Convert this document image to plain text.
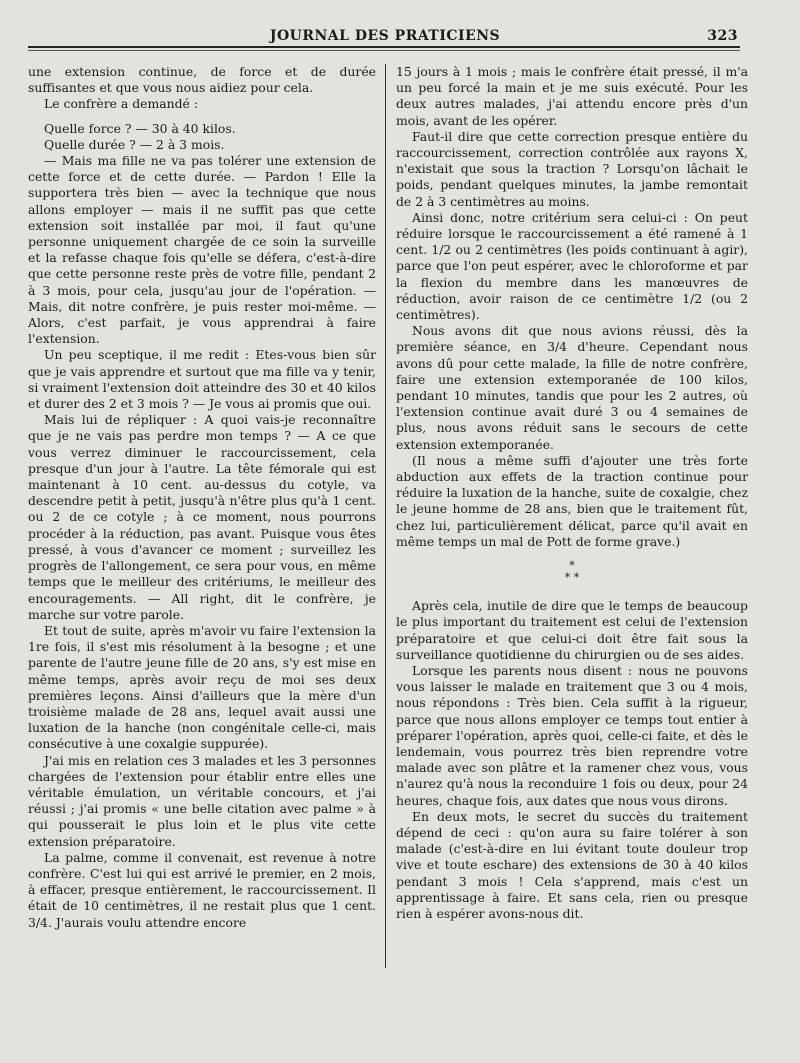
JOURNAL DES PRATICIENS	323

une extension continue, de force et de durée suffisantes et que vous nous aidiez pour cela.

Le confrère a demandé :

Quelle force ? — 30 à 40 kilos.

Quelle durée ? — 2 à 3 mois.

— Mais ma fille ne va pas tolérer une extension de cette force et de cette durée. — Pardon ! Elle la supportera très bien — avec la technique que nous allons employer — mais il ne suffit pas que cette extension soit installée par moi, il faut qu'une personne uniquement chargée de ce soin la surveille et la refasse chaque fois qu'elle se défera, c'est-à-dire que cette personne reste près de votre fille, pendant 2 à 3 mois, pour cela, jusqu'au jour de l'opération. — Mais, dit notre confrère, je puis rester moi-même. — Alors, c'est parfait, je vous apprendrai à faire l'extension.

Un peu sceptique, il me redit : Etes-vous bien sûr que je vais apprendre et surtout que ma fille va y tenir, si vraiment l'extension doit atteindre des 30 et 40 kilos et durer des 2 et 3 mois ? — Je vous ai promis que oui.

Mais lui de répliquer : A quoi vais-je reconnaître que je ne vais pas perdre mon temps ? — A ce que vous verrez diminuer le raccourcissement, cela presque d'un jour à l'autre. La tête fémorale qui est maintenant à 10 cent. au-dessus du cotyle, va descendre petit à petit, jusqu'à n'être plus qu'à 1 cent. ou 2 de ce cotyle ; à ce moment, nous pourrons procéder à la réduction, pas avant. Puisque vous êtes pressé, à vous d'avancer ce moment ; surveillez les progrès de l'allongement, ce sera pour vous, en même temps que le meilleur des critériums, le meilleur des encouragements. — All right, dit le confrère, je marche sur votre parole.

Et tout de suite, après m'avoir vu faire l'extension la 1re fois, il s'est mis résolument à la besogne ; et une parente de l'autre jeune fille de 20 ans, s'y est mise en même temps, après avoir reçu de moi ses deux premières leçons. Ainsi d'ailleurs que la mère d'un troisième malade de 28 ans, lequel avait aussi une luxation de la hanche (non congénitale celle-ci, mais consécutive à une coxalgie suppurée).

J'ai mis en relation ces 3 malades et les 3 personnes chargées de l'extension pour établir entre elles une véritable émulation, un véritable concours, et j'ai réussi ; j'ai promis « une belle citation avec palme » à qui pousserait le plus loin et le plus vite cette extension préparatoire.

La palme, comme il convenait, est revenue à notre confrère. C'est lui qui est arrivé le premier, en 2 mois, à effacer, presque entièrement, le raccourcissement. Il était de 10 centimètres, il ne restait plus que 1 cent. 3/4. J'aurais voulu attendre encore

15 jours à 1 mois ; mais le confrère était pressé, il m'a un peu forcé la main et je me suis exécuté. Pour les deux autres malades, j'ai attendu encore près d'un mois, avant de les opérer.

Faut-il dire que cette correction presque entière du raccourcissement, correction contrôlée aux rayons X, n'existait que sous la traction ? Lorsqu'on lâchait le poids, pendant quelques minutes, la jambe remontait de 2 à 3 centimètres au moins.

Ainsi donc, notre critérium sera celui-ci : On peut réduire lorsque le raccourcissement a été ramené à 1 cent. 1/2 ou 2 centimètres (les poids continuant à agir), parce que l'on peut espérer, avec le chloroforme et par la flexion du membre dans les manœuvres de réduction, avoir raison de ce centimètre 1/2 (ou 2 centimètres).

Nous avons dit que nous avions réussi, dès la première séance, en 3/4 d'heure. Cependant nous avons dû pour cette malade, la fille de notre confrère, faire une extension extemporanée de 100 kilos, pendant 10 minutes, tandis que pour les 2 autres, où l'extension continue avait duré 3 ou 4 semaines de plus, nous avons réduit sans le secours de cette extension extemporanée.

(Il nous a même suffi d'ajouter une très forte abduction aux effets de la traction continue pour réduire la luxation de la hanche, suite de coxalgie, chez le jeune homme de 28 ans, bien que le traitement fût, chez lui, particulièrement délicat, parce qu'il avait en même temps un mal de Pott de forme grave.)

*
* *

Après cela, inutile de dire que le temps de beaucoup le plus important du traitement est celui de l'extension préparatoire et que celui-ci doit être fait sous la surveillance quotidienne du chirurgien ou de ses aides.

Lorsque les parents nous disent : nous ne pouvons vous laisser le malade en traitement que 3 ou 4 mois, nous répondons : Très bien. Cela suffit à la rigueur, parce que nous allons employer ce temps tout entier à préparer l'opération, après quoi, celle-ci faite, et dès le lendemain, vous pourrez très bien reprendre votre malade avec son plâtre et la ramener chez vous, vous n'aurez qu'à nous la reconduire 1 fois ou deux, pour 24 heures, chaque fois, aux dates que nous vous dirons.

En deux mots, le secret du succès du traitement dépend de ceci : qu'on aura su faire tolérer à son malade (c'est-à-dire en lui évitant toute douleur trop vive et toute eschare) des extensions de 30 à 40 kilos pendant 3 mois ! Cela s'apprend, mais c'est un apprentissage à faire. Et sans cela, rien ou presque rien à espérer avons-nous dit.
